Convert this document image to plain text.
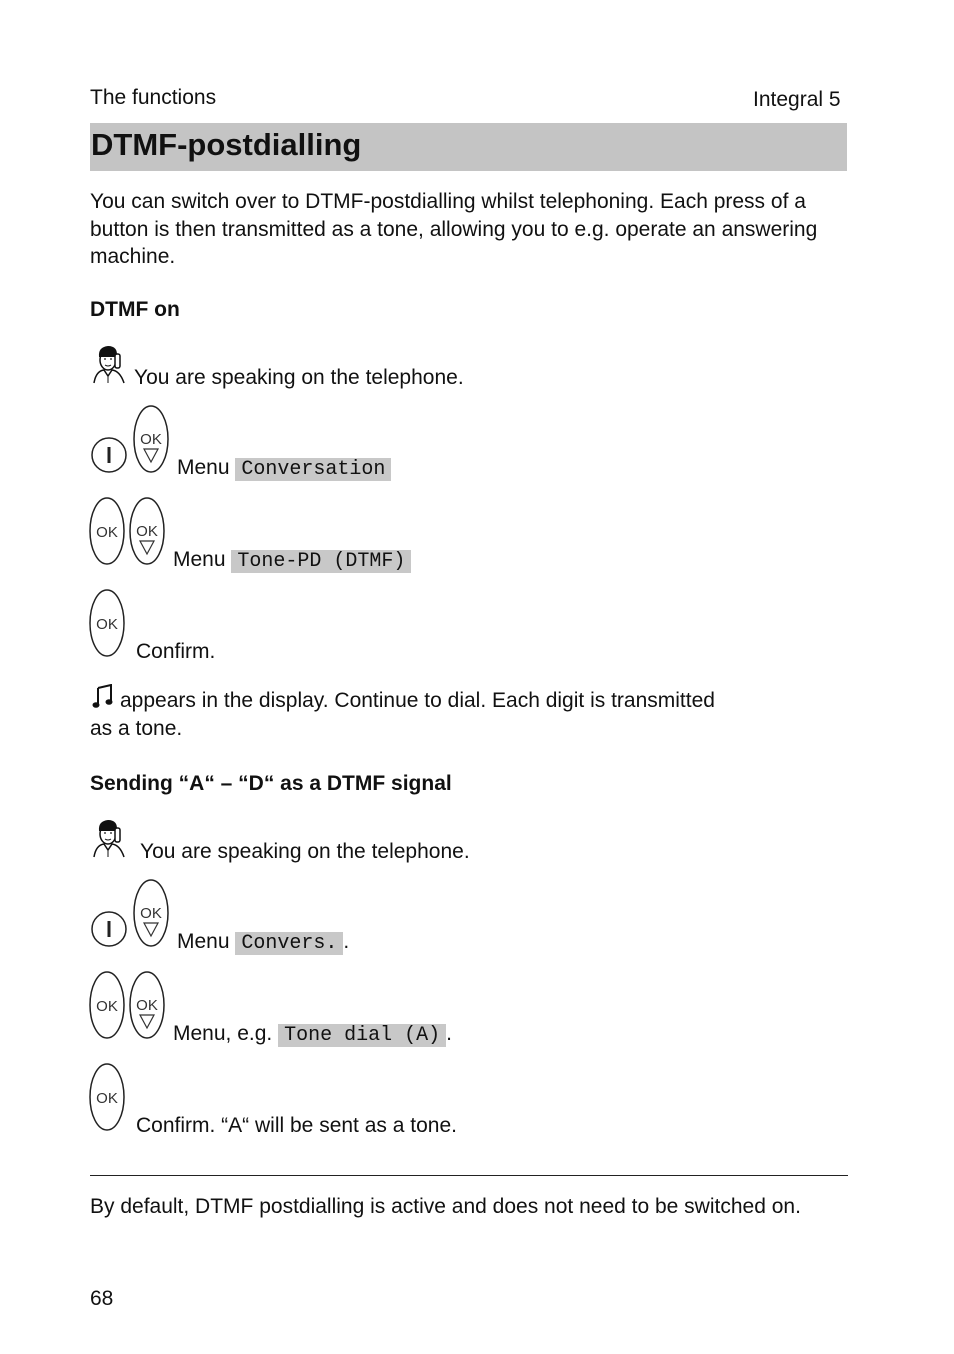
The functions	Integral 5
DTMF-postdialling
You can switch over to DTMF-postdialling whilst telephoning. Each press of a button is then transmitted as a tone, allowing you to e.g. operate an answering machine.
DTMF on
You are speaking on the telephone.
OK
Menu Conversation
OK OK
Menu Tone-PD (DTMF)
OK
Confirm.
appears in the display. Continue to dial. Each digit is transmitted
as a tone.
Sending “A“ – “D“ as a DTMF signal
You are speaking on the telephone.
OK
Menu Convers. .
OK OK
Menu, e.g. Tone dial (A) .
OK
Confirm. “A“ will be sent as a tone.
By default, DTMF postdialling is active and does not need to be switched on.
68
